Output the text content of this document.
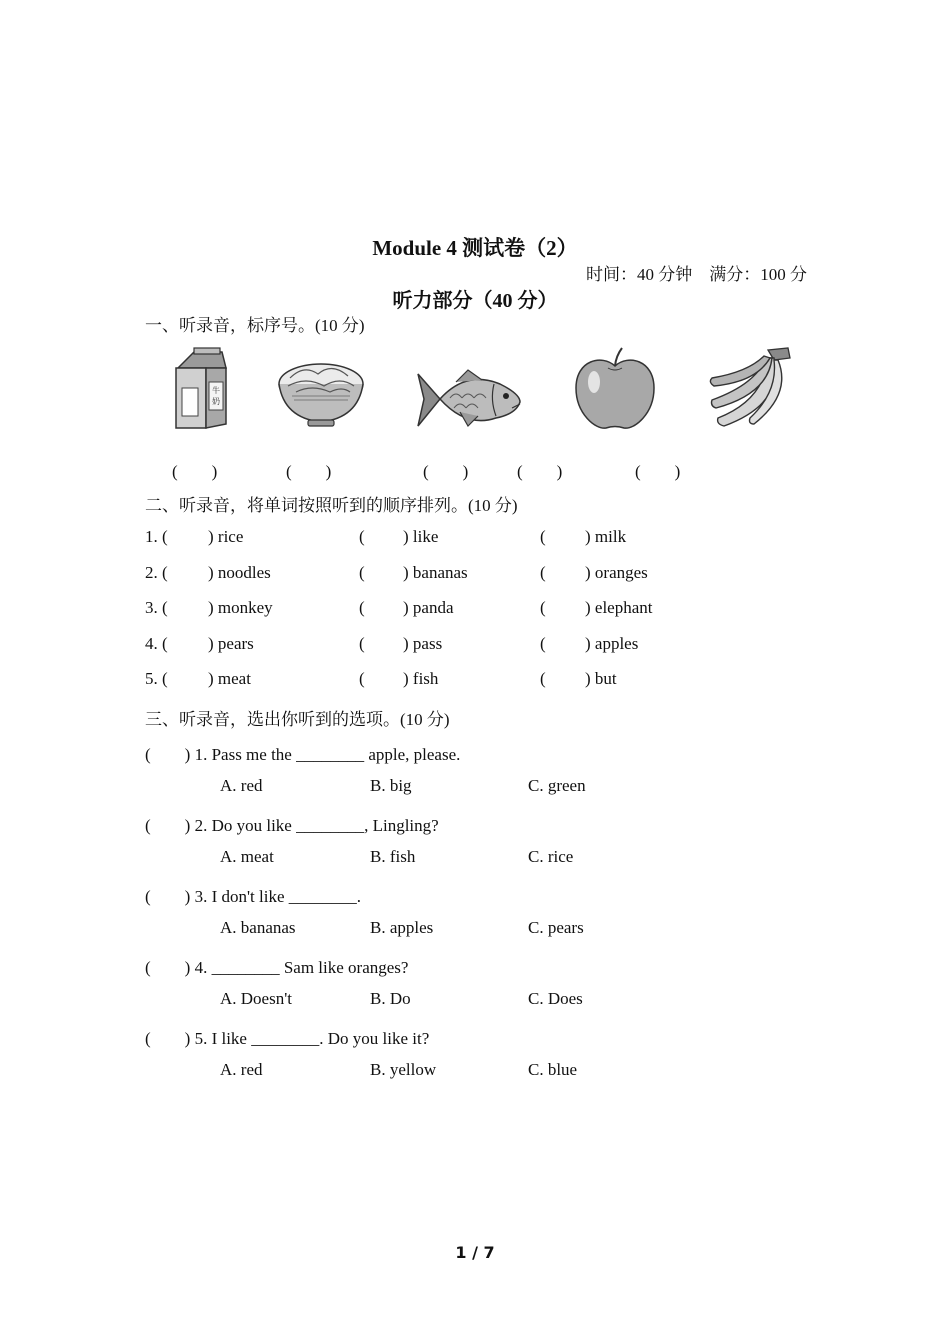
Module 4 测试卷（2）
时间：40 分钟　满分：100 分
听力部分（40 分）
一、听录音，标序号。(10 分)
牛
奶
(　　)	(　　)	(　　)	(　　)	(　　)
二、听录音，将单词按照听到的顺序排列。(10 分)
1. ( ) rice	( ) like	( ) milk
2. ( ) noodles	( ) bananas	( ) oranges
3. ( ) monkey	( ) panda	( ) elephant
4. ( ) pears	( ) pass	( ) apples
5. ( ) meat	( ) fish	( ) but
三、听录音，选出你听到的选项。(10 分)
(　　) 1. Pass me the ________ apple, please.
A. red	B. big	C. green
(　　) 2. Do you like ________, Lingling?
A. meat	B. fish	C. rice
(　　) 3. I don't like ________.
A. bananas	B. apples	C. pears
(　　) 4. ________ Sam like oranges?
A. Doesn't	B. Do	C. Does
(　　) 5. I like ________. Do you like it?
A. red	B. yellow	C. blue
1 / 7
